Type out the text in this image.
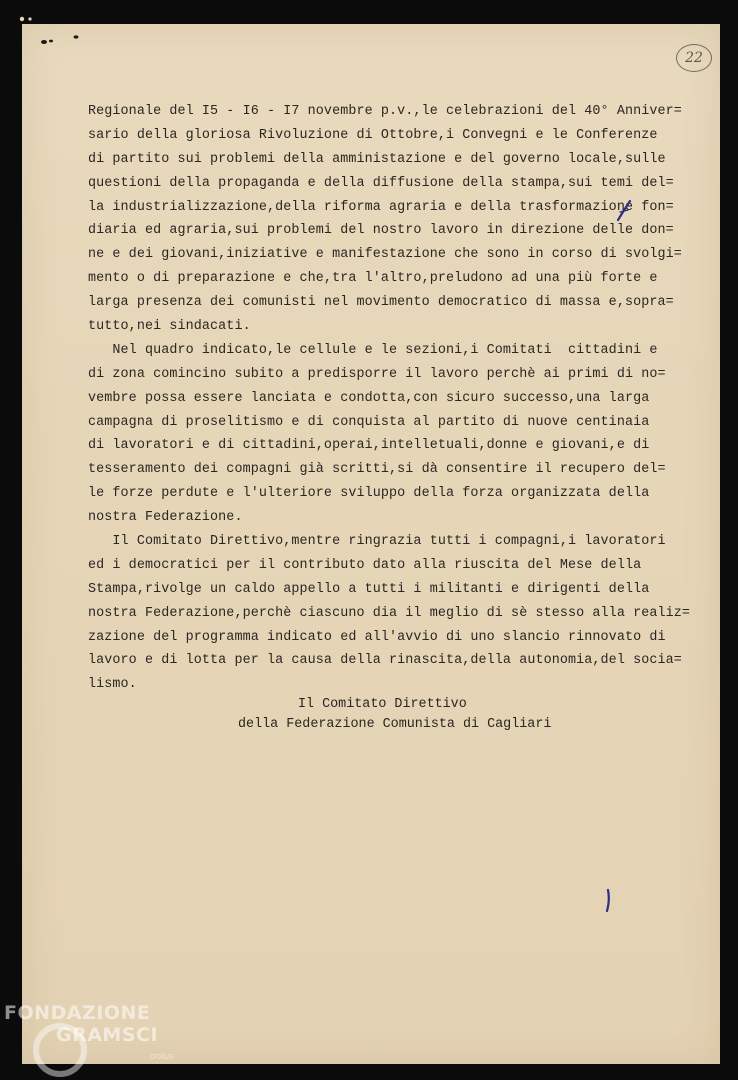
22
Regionale del I5 - I6 - I7 novembre p.v.,le celebrazioni del 40° Anniver=
sario della gloriosa Rivoluzione di Ottobre,i Convegni e le Conferenze
di partito sui problemi della amministazione e del governo locale,sulle
questioni della propaganda e della diffusione della stampa,sui temi del=
la industrializzazione,della riforma agraria e della trasformazione fon=
diaria ed agraria,sui problemi del nostro lavoro in direzione delle don=
ne e dei giovani,iniziative e manifestazione che sono in corso di svolgi=
mento o di preparazione e che,tra l'altro,preludono ad una più forte e
larga presenza dei comunisti nel movimento democratico di massa e,sopra=
tutto,nei sindacati.
Nel quadro indicato,le cellule e le sezioni,i Comitati  cittadini e
di zona comincino subito a predisporre il lavoro perchè ai primi di no=
vembre possa essere lanciata e condotta,con sicuro successo,una larga
campagna di proselitismo e di conquista al partito di nuove centinaia
di lavoratori e di cittadini,operai,intelletuali,donne e giovani,e di
tesseramento dei compagni già scritti,si dà consentire il recupero del=
le forze perdute e l'ulteriore sviluppo della forza organizzata della
nostra Federazione.
Il Comitato Direttivo,mentre ringrazia tutti i compagni,i lavoratori
ed i democratici per il contributo dato alla riuscita del Mese della
Stampa,rivolge un caldo appello a tutti i militanti e dirigenti della
nostra Federazione,perchè ciascuno dia il meglio di sè stesso alla realiz=
zazione del programma indicato ed all'avvio di uno slancio rinnovato di
lavoro e di lotta per la causa della rinascita,della autonomia,del socia=
lismo.
Il Comitato Direttivo
della Federazione Comunista di Cagliari
FONDAZIONE
GRAMSCI
onlus
